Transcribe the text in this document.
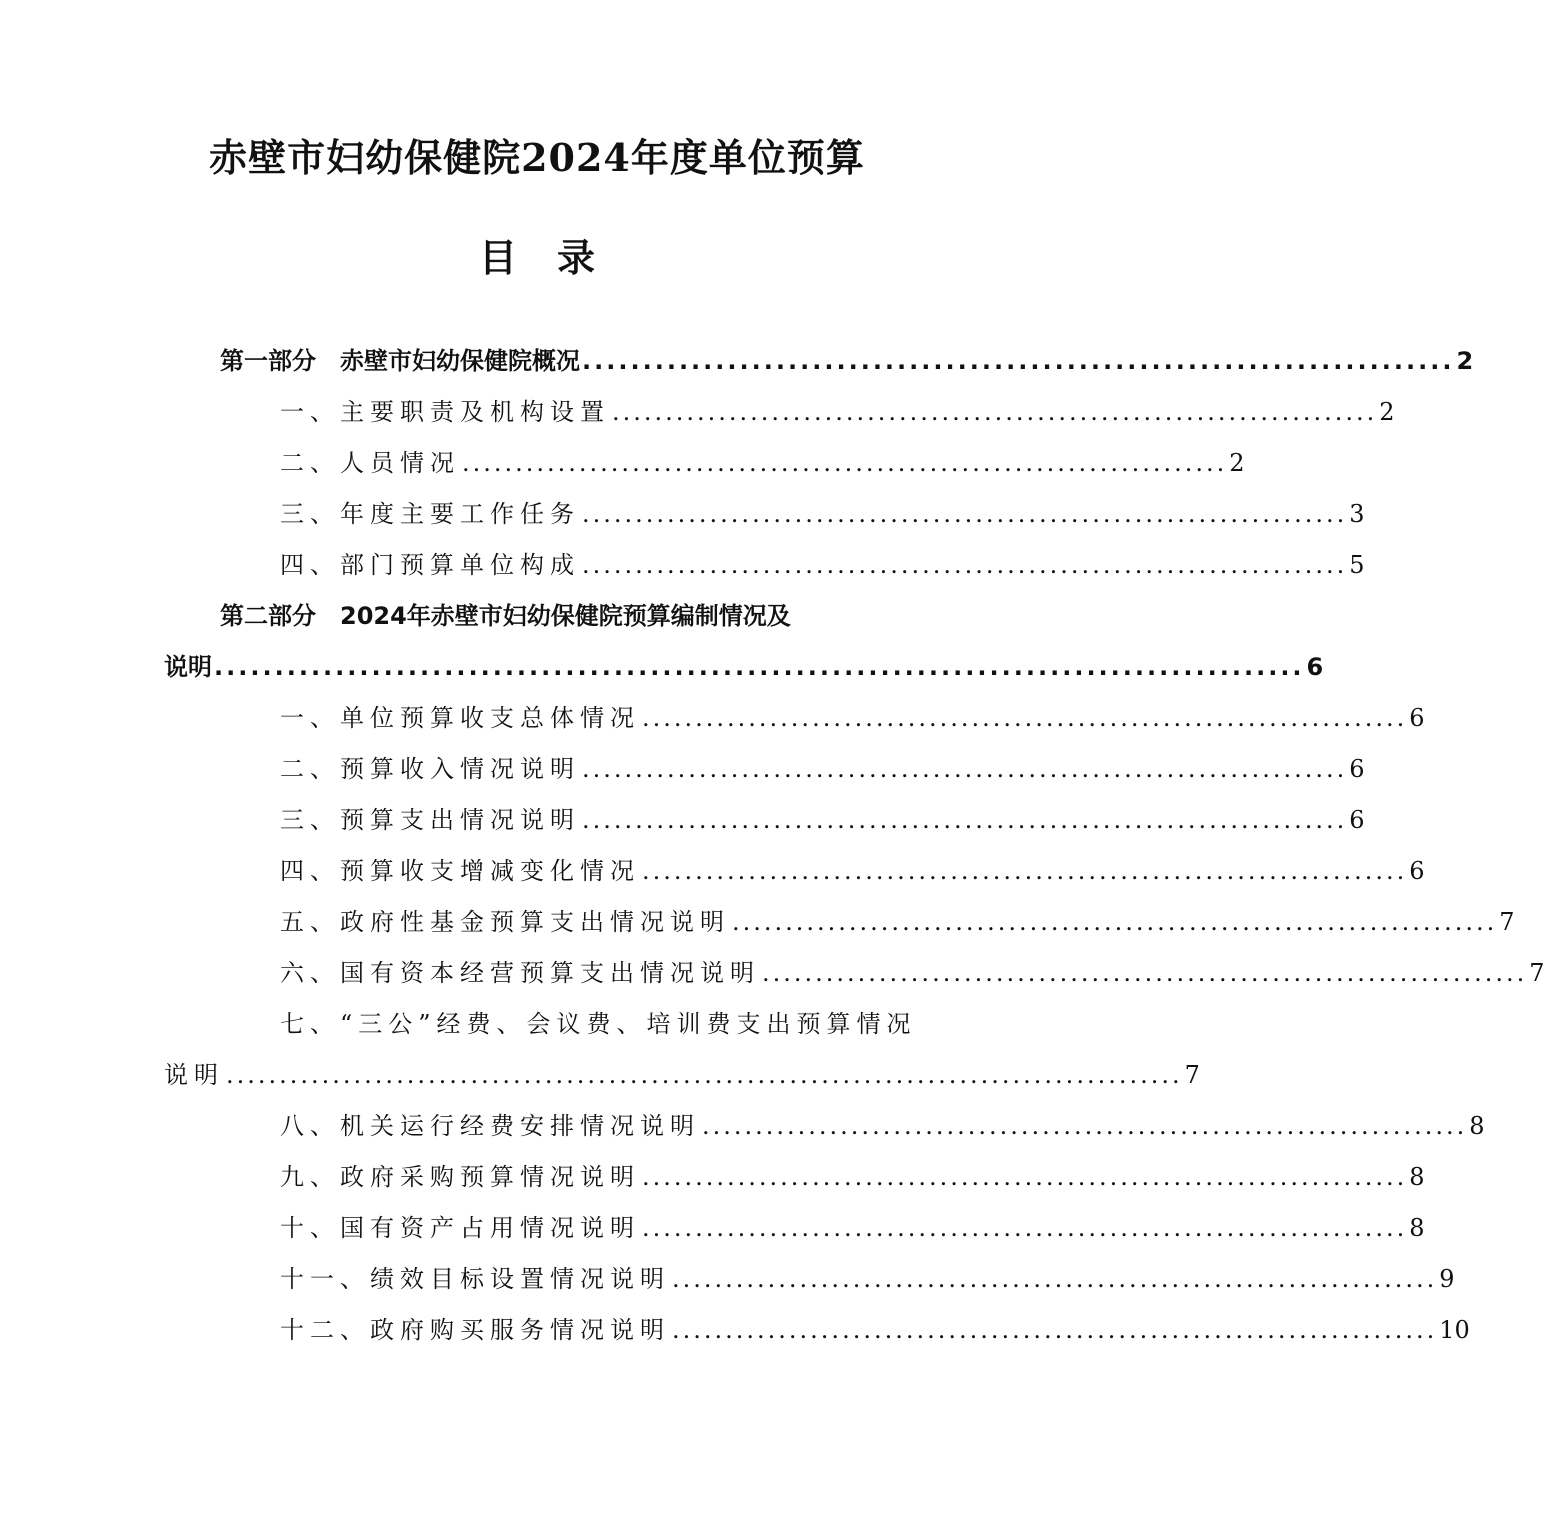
赤壁市妇幼保健院2024年度单位预算
目录
第一部分　赤壁市妇幼保健院概况 ........................................................................ 2
一、主要职责及机构设置 ........................................................................ 2
二、人员情况 ........................................................................ 2
三、年度主要工作任务 ........................................................................ 3
四、部门预算单位构成 ........................................................................ 5
第二部分　2024年赤壁市妇幼保健院预算编制情况及
说明 .......................................................................................... 6
一、单位预算收支总体情况 ........................................................................ 6
二、预算收入情况说明 ........................................................................ 6
三、预算支出情况说明 ........................................................................ 6
四、预算收支增减变化情况 ........................................................................ 6
五、政府性基金预算支出情况说明 ........................................................................ 7
六、国有资本经营预算支出情况说明 ........................................................................ 7
七、“三公”经费、会议费、培训费支出预算情况
说明 .......................................................................................... 7
八、机关运行经费安排情况说明 ........................................................................ 8
九、政府采购预算情况说明 ........................................................................ 8
十、国有资产占用情况说明 ........................................................................ 8
十一、绩效目标设置情况说明 ........................................................................ 9
十二、政府购买服务情况说明 ........................................................................ 10
